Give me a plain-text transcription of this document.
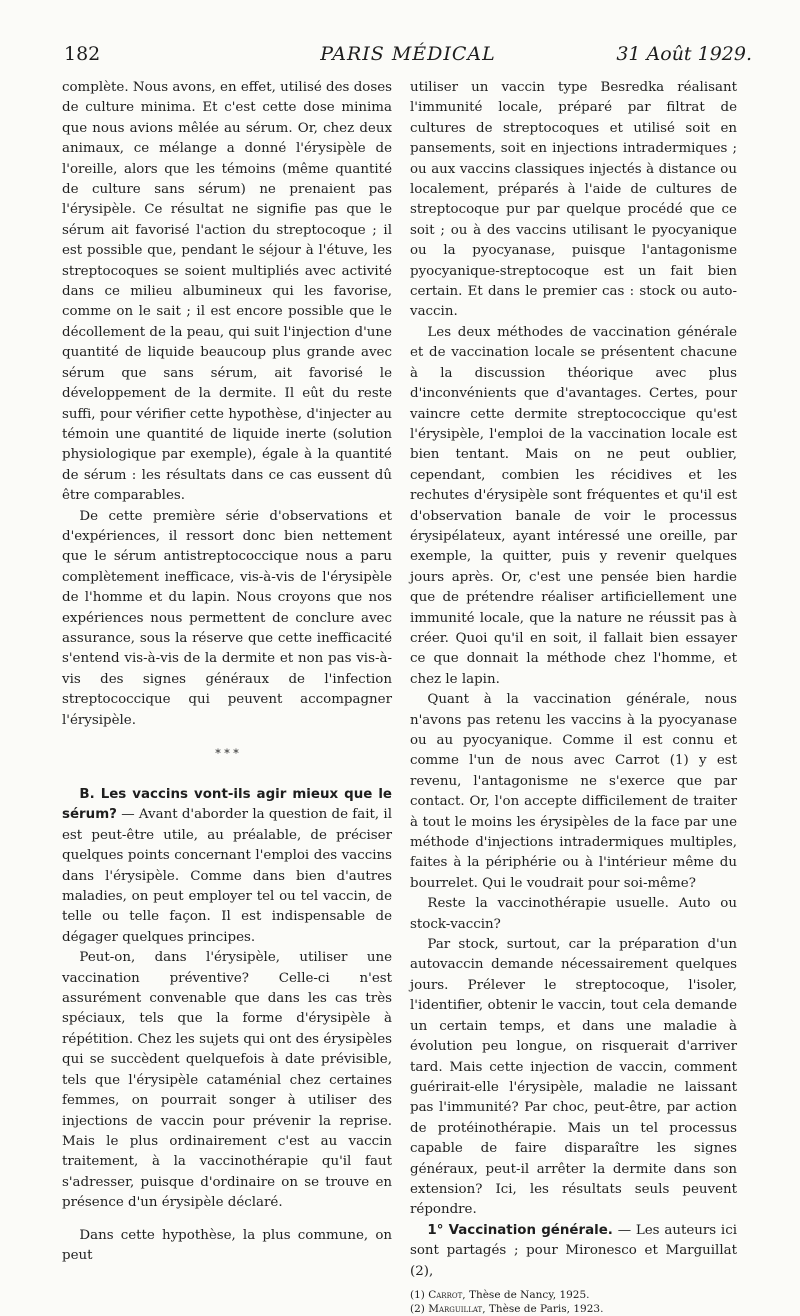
182	PARIS MÉDICAL	31 Août 1929.

complète. Nous avons, en effet, utilisé des doses de culture minima. Et c'est cette dose minima que nous avions mêlée au sérum. Or, chez deux animaux, ce mélange a donné l'érysipèle de l'oreille, alors que les témoins (même quantité de culture sans sérum) ne prenaient pas l'érysipèle. Ce résultat ne signifie pas que le sérum ait favorisé l'action du streptocoque ; il est possible que, pendant le séjour à l'étuve, les streptocoques se soient multipliés avec activité dans ce milieu albumineux qui les favorise, comme on le sait ; il est encore possible que le décollement de la peau, qui suit l'injection d'une quantité de liquide beaucoup plus grande avec sérum que sans sérum, ait favorisé le développement de la dermite. Il eût du reste suffi, pour vérifier cette hypothèse, d'injecter au témoin une quantité de liquide inerte (solution physiologique par exemple), égale à la quantité de sérum : les résultats dans ce cas eussent dû être comparables.

De cette première série d'observations et d'expériences, il ressort donc bien nettement que le sérum antistreptococcique nous a paru complètement inefficace, vis-à-vis de l'érysipèle de l'homme et du lapin. Nous croyons que nos expériences nous permettent de conclure avec assurance, sous la réserve que cette inefficacité s'entend vis-à-vis de la dermite et non pas vis-à-vis des signes généraux de l'infection streptococcique qui peuvent accompagner l'érysipèle.

* * *

B. Les vaccins vont-ils agir mieux que le sérum? — Avant d'aborder la question de fait, il est peut-être utile, au préalable, de préciser quelques points concernant l'emploi des vaccins dans l'érysipèle. Comme dans bien d'autres maladies, on peut employer tel ou tel vaccin, de telle ou telle façon. Il est indispensable de dégager quelques principes.

Peut-on, dans l'érysipèle, utiliser une vaccination préventive? Celle-ci n'est assurément convenable que dans les cas très spéciaux, tels que la forme d'érysipèle à répétition. Chez les sujets qui ont des érysipèles qui se succèdent quelquefois à date prévisible, tels que l'érysipèle cataménial chez certaines femmes, on pourrait songer à utiliser des injections de vaccin pour prévenir la reprise. Mais le plus ordinairement c'est au vaccin traitement, à la vaccinothérapie qu'il faut s'adresser, puisque d'ordinaire on se trouve en présence d'un érysipèle déclaré.

Dans cette hypothèse, la plus commune, on peut

utiliser un vaccin type Besredka réalisant l'immunité locale, préparé par filtrat de cultures de streptocoques et utilisé soit en pansements, soit en injections intradermiques ; ou aux vaccins classiques injectés à distance ou localement, préparés à l'aide de cultures de streptocoque pur par quelque procédé que ce soit ; ou à des vaccins utilisant le pyocyanique ou la pyocyanase, puisque l'antagonisme pyocyanique-streptocoque est un fait bien certain. Et dans le premier cas : stock ou auto-vaccin.

Les deux méthodes de vaccination générale et de vaccination locale se présentent chacune à la discussion théorique avec plus d'inconvénients que d'avantages. Certes, pour vaincre cette dermite streptococcique qu'est l'érysipèle, l'emploi de la vaccination locale est bien tentant. Mais on ne peut oublier, cependant, combien les récidives et les rechutes d'érysipèle sont fréquentes et qu'il est d'observation banale de voir le processus érysipélateux, ayant intéressé une oreille, par exemple, la quitter, puis y revenir quelques jours après. Or, c'est une pensée bien hardie que de prétendre réaliser artificiellement une immunité locale, que la nature ne réussit pas à créer. Quoi qu'il en soit, il fallait bien essayer ce que donnait la méthode chez l'homme, et chez le lapin.

Quant à la vaccination générale, nous n'avons pas retenu les vaccins à la pyocyanase ou au pyocyanique. Comme il est connu et comme l'un de nous avec Carrot (1) y est revenu, l'antagonisme ne s'exerce que par contact. Or, l'on accepte difficilement de traiter à tout le moins les érysipèles de la face par une méthode d'injections intradermiques multiples, faites à la périphérie ou à l'intérieur même du bourrelet. Qui le voudrait pour soi-même?

Reste la vaccinothérapie usuelle. Auto ou stock-vaccin?

Par stock, surtout, car la préparation d'un autovaccin demande nécessairement quelques jours. Prélever le streptocoque, l'isoler, l'identifier, obtenir le vaccin, tout cela demande un certain temps, et dans une maladie à évolution peu longue, on risquerait d'arriver tard. Mais cette injection de vaccin, comment guérirait-elle l'érysipèle, maladie ne laissant pas l'immunité? Par choc, peut-être, par action de protéinothérapie. Mais un tel processus capable de faire disparaître les signes généraux, peut-il arrêter la dermite dans son extension? Ici, les résultats seuls peuvent répondre.

1° Vaccination générale. — Les auteurs ici sont partagés ; pour Mironesco et Marguillat (2),

(1) Carrot, Thèse de Nancy, 1925.

(2) Marguillat, Thèse de Paris, 1923.
